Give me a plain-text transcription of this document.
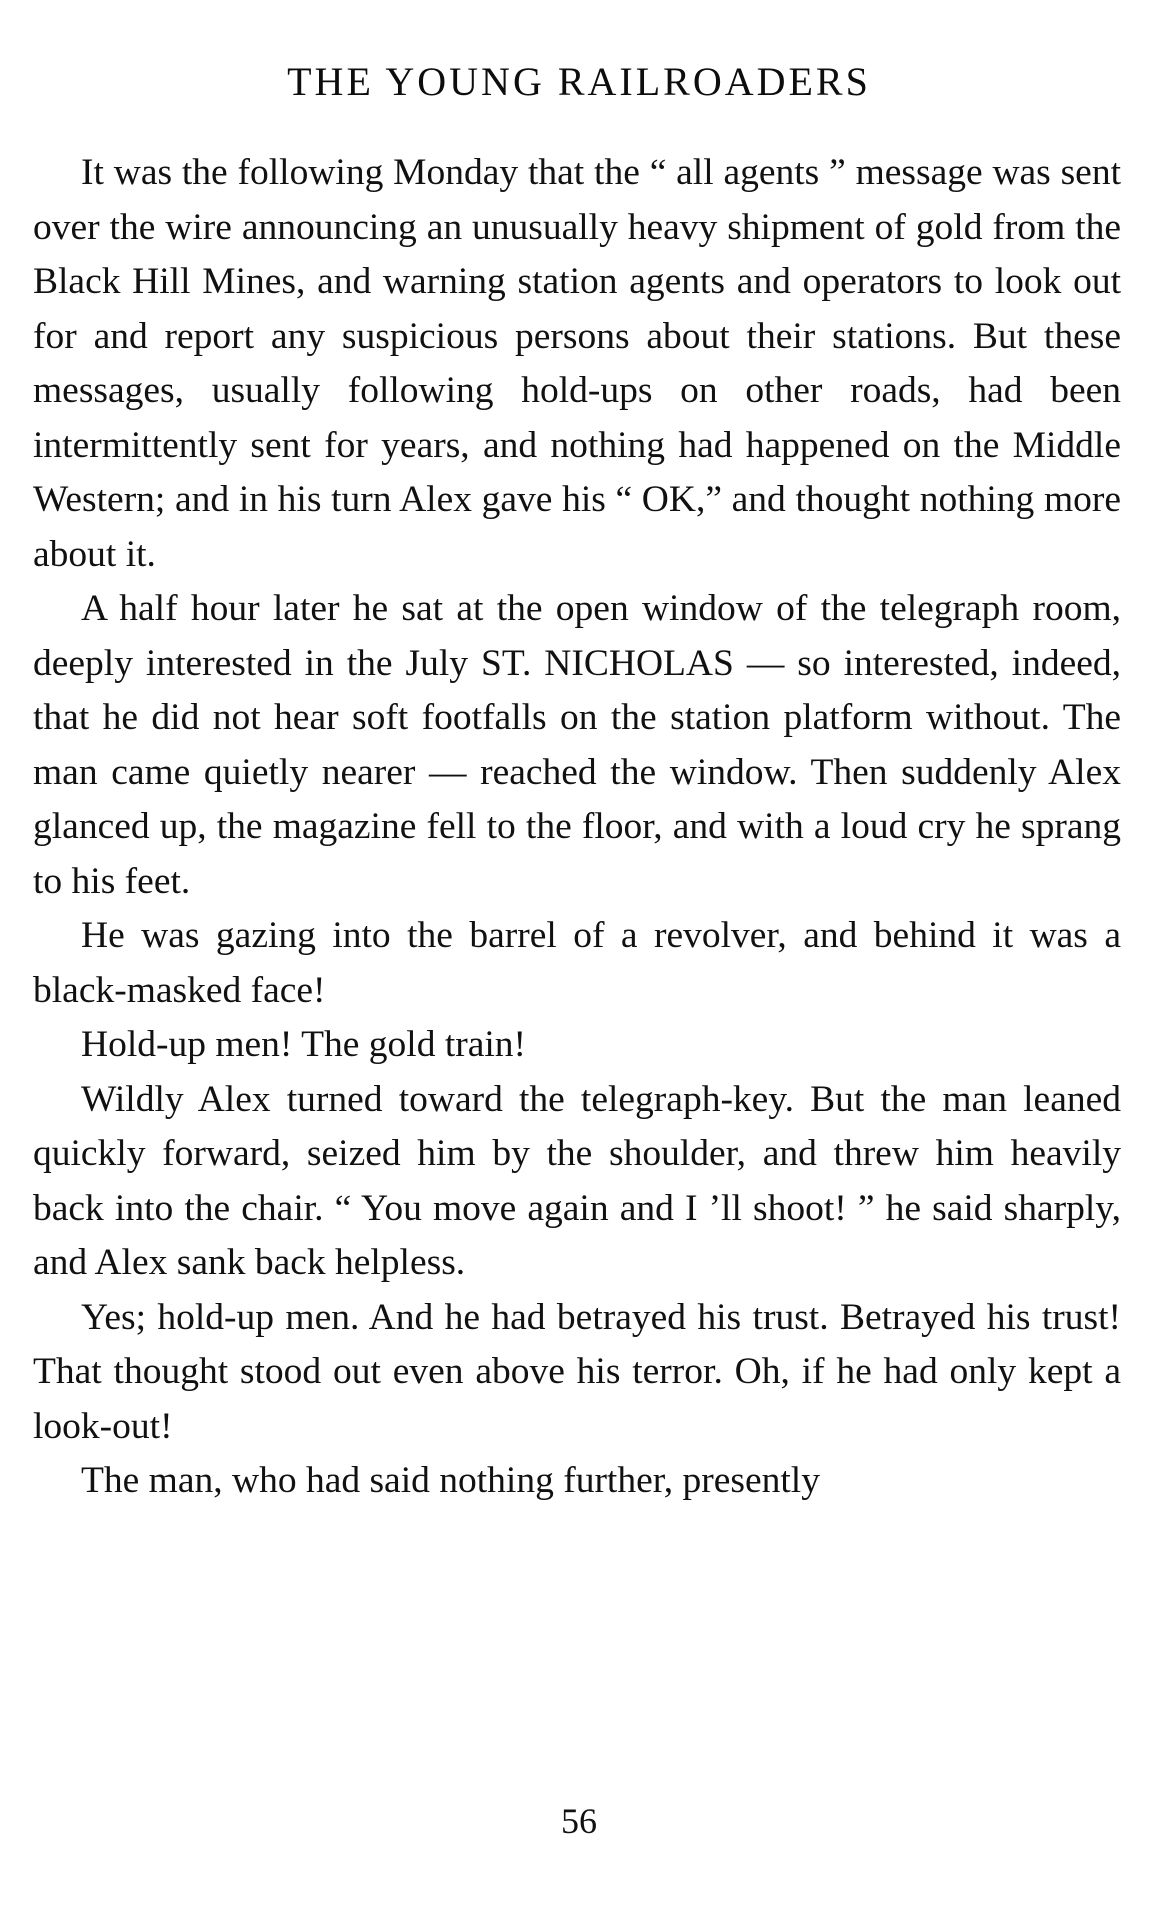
THE YOUNG RAILROADERS

It was the following Monday that the “ all agents ” message was sent over the wire announcing an unusually heavy shipment of gold from the Black Hill Mines, and warning station agents and operators to look out for and report any suspicious persons about their stations. But these messages, usually following hold-ups on other roads, had been intermittently sent for years, and nothing had happened on the Middle Western; and in his turn Alex gave his “ OK,” and thought nothing more about it.

A half hour later he sat at the open window of the telegraph room, deeply interested in the July ST. NICHOLAS — so interested, indeed, that he did not hear soft footfalls on the station platform without. The man came quietly nearer — reached the window. Then suddenly Alex glanced up, the magazine fell to the floor, and with a loud cry he sprang to his feet.

He was gazing into the barrel of a revolver, and behind it was a black-masked face!

Hold-up men! The gold train!

Wildly Alex turned toward the telegraph-key. But the man leaned quickly forward, seized him by the shoulder, and threw him heavily back into the chair. “ You move again and I ’ll shoot! ” he said sharply, and Alex sank back helpless.

Yes; hold-up men. And he had betrayed his trust. Betrayed his trust! That thought stood out even above his terror. Oh, if he had only kept a look-out!

The man, who had said nothing further, presently

56
